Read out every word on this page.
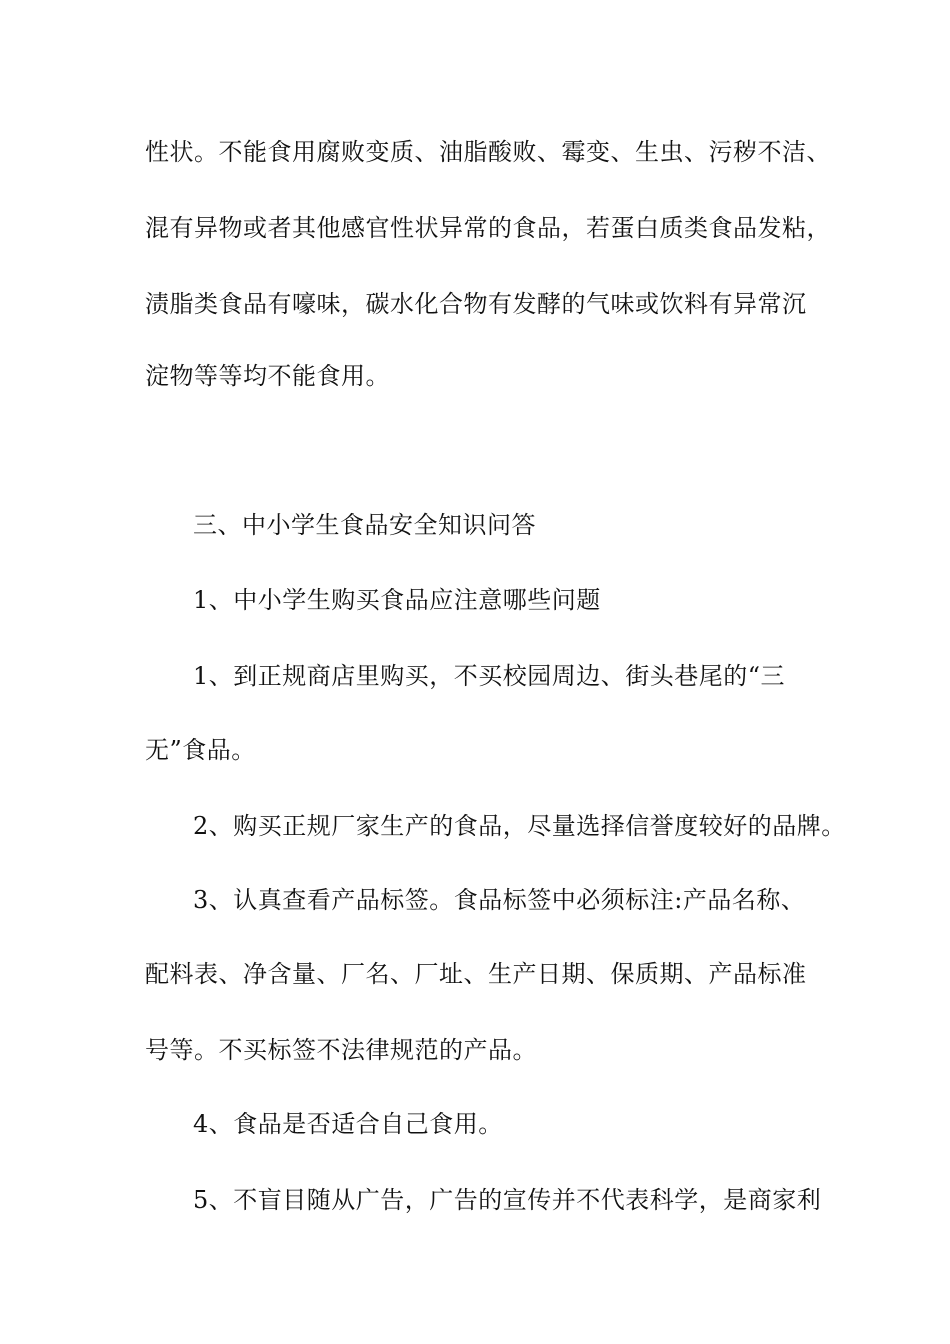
性状。不能食用腐败变质、油脂酸败、霉变、生虫、污秽不洁、
混有异物或者其他感官性状异常的食品，若蛋白质类食品发粘，
渍脂类食品有嚎味，碳水化合物有发酵的气味或饮料有异常沉
淀物等等均不能食用。
三、中小学生食品安全知识问答
1、中小学生购买食品应注意哪些问题
1、到正规商店里购买，不买校园周边、街头巷尾的“三
无”食品。
2、购买正规厂家生产的食品，尽量选择信誉度较好的品牌。
3、认真查看产品标签。食品标签中必须标注:产品名称、
配料表、净含量、厂名、厂址、生产日期、保质期、产品标准
号等。不买标签不法律规范的产品。
4、食品是否适合自己食用。
5、不盲目随从广告，广告的宣传并不代表科学，是商家利
